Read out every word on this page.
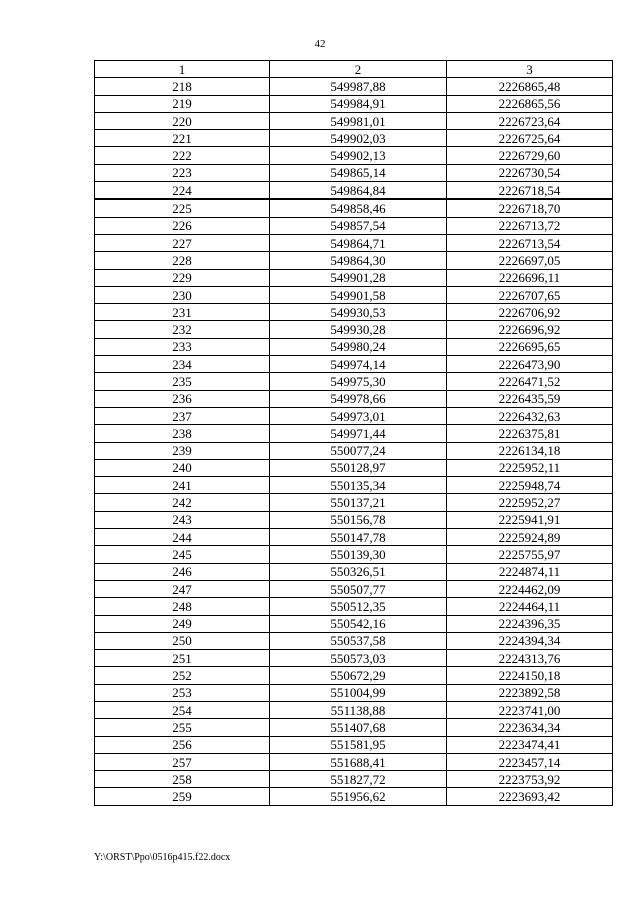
42
1	2	3
218	549987,88	2226865,48
219	549984,91	2226865,56
220	549981,01	2226723,64
221	549902,03	2226725,64
222	549902,13	2226729,60
223	549865,14	2226730,54
224	549864,84	2226718,54
225	549858,46	2226718,70
226	549857,54	2226713,72
227	549864,71	2226713,54
228	549864,30	2226697,05
229	549901,28	2226696,11
230	549901,58	2226707,65
231	549930,53	2226706,92
232	549930,28	2226696,92
233	549980,24	2226695,65
234	549974,14	2226473,90
235	549975,30	2226471,52
236	549978,66	2226435,59
237	549973,01	2226432,63
238	549971,44	2226375,81
239	550077,24	2226134,18
240	550128,97	2225952,11
241	550135,34	2225948,74
242	550137,21	2225952,27
243	550156,78	2225941,91
244	550147,78	2225924,89
245	550139,30	2225755,97
246	550326,51	2224874,11
247	550507,77	2224462,09
248	550512,35	2224464,11
249	550542,16	2224396,35
250	550537,58	2224394,34
251	550573,03	2224313,76
252	550672,29	2224150,18
253	551004,99	2223892,58
254	551138,88	2223741,00
255	551407,68	2223634,34
256	551581,95	2223474,41
257	551688,41	2223457,14
258	551827,72	2223753,92
259	551956,62	2223693,42
Y:\ORST\Ppo\0516p415.f22.docx
